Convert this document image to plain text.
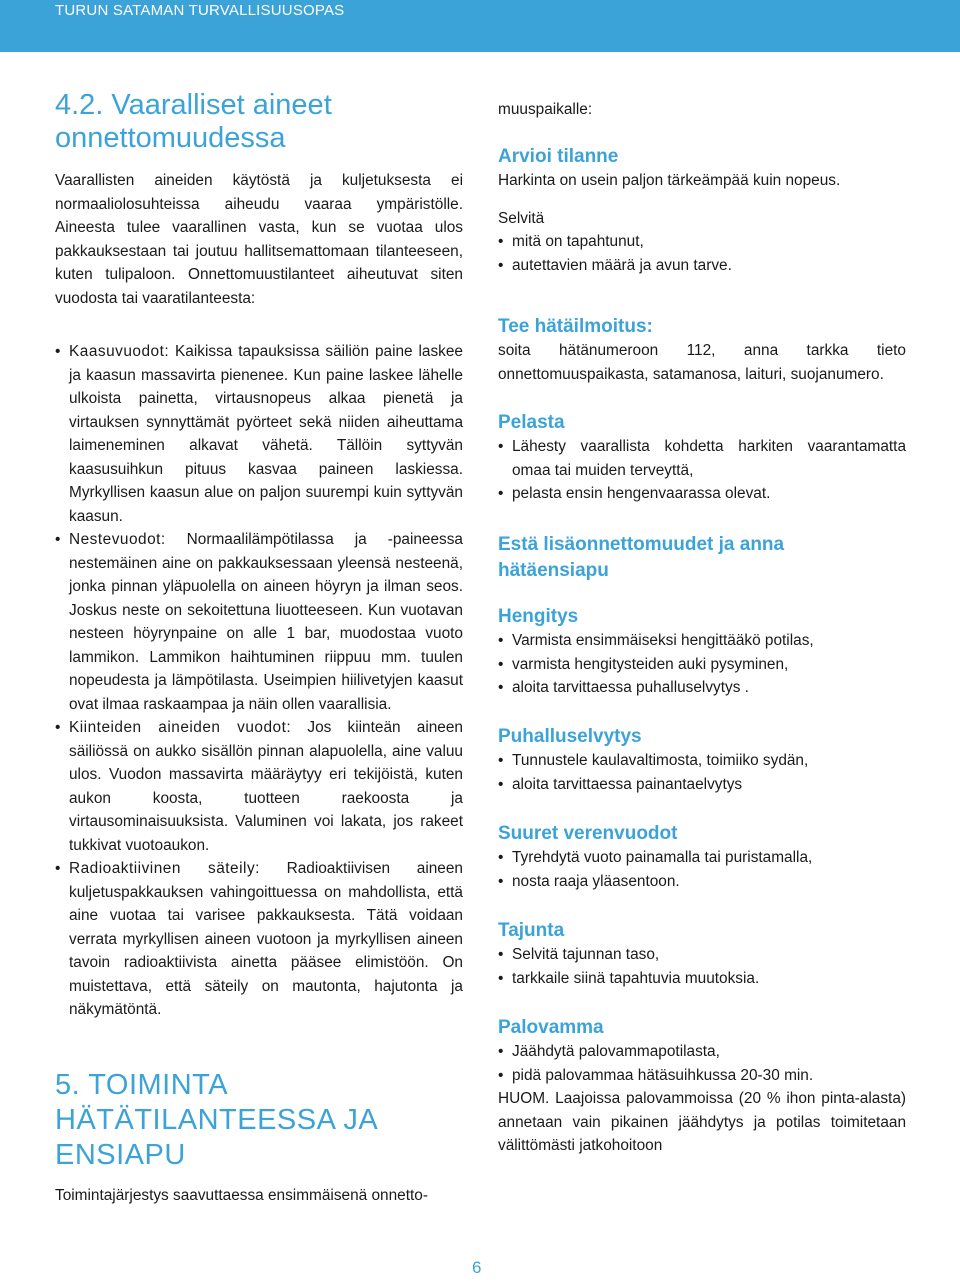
TURUN SATAMAN TURVALLISUUSOPAS
4.2. Vaaralliset aineet
onnettomuudessa

Vaarallisten aineiden käytöstä ja kuljetuksesta ei normaaliolosuhteissa aiheudu vaaraa ympäristölle. Aineesta tulee vaarallinen vasta, kun se vuotaa ulos pakkauksestaan tai joutuu hallitsemattomaan tilanteeseen, kuten tulipaloon. Onnettomuustilanteet aiheutuvat siten vuodosta tai vaaratilanteesta:

• Kaasuvuodot: Kaikissa tapauksissa säiliön paine laskee ja kaasun massavirta pienenee. Kun paine laskee lähelle ulkoista painetta, virtausnopeus alkaa pienetä ja virtauksen synnyttämät pyörteet sekä niiden aiheuttama laimeneminen alkavat vähetä. Tällöin syttyvän kaasusuihkun pituus kasvaa paineen laskiessa. Myrkyllisen kaasun alue on paljon suurempi kuin syttyvän kaasun.

• Nestevuodot: Normaalilämpötilassa ja -paineessa nestemäinen aine on pakkauksessaan yleensä nesteenä, jonka pinnan yläpuolella on aineen höyryn ja ilman seos. Joskus neste on sekoitettuna liuotteeseen. Kun vuotavan nesteen höyrynpaine on alle 1 bar, muodostaa vuoto lammikon. Lammikon haihtuminen riippuu mm. tuulen nopeudesta ja lämpötilasta. Useimpien hiilivetyjen kaasut ovat ilmaa raskaampaa ja näin ollen vaarallisia.

• Kiinteiden aineiden vuodot: Jos kiinteän aineen säiliössä on aukko sisällön pinnan alapuolella, aine valuu ulos. Vuodon massavirta määräytyy eri tekijöistä, kuten aukon koosta, tuotteen raekoosta ja virtausominaisuuksista. Valuminen voi lakata, jos rakeet tukkivat vuotoaukon.

• Radioaktiivinen säteily: Radioaktiivisen aineen kuljetuspakkauksen vahingoittuessa on mahdollista, että aine vuotaa tai varisee pakkauksesta. Tätä voidaan verrata myrkyllisen aineen vuotoon ja myrkyllisen aineen tavoin radioaktiivista ainetta pääsee elimistöön. On muistettava, että säteily on mautonta, hajutonta ja näkymätöntä.

5. TOIMINTA
HÄTÄTILANTEESSA JA
ENSIAPU

Toimintajärjestys saavuttaessa ensimmäisenä onnetto-

muuspaikalle:

Arvioi tilanne

Harkinta on usein paljon tärkeämpää kuin nopeus.

Selvitä

• mitä on tapahtunut,

• autettavien määrä ja avun tarve.

Tee hätäilmoitus:

soita hätänumeroon 112, anna tarkka tieto onnettomuuspaikasta, satamanosa, laituri, suojanumero.

Pelasta

• Lähesty vaarallista kohdetta harkiten vaarantamatta omaa tai muiden terveyttä,

• pelasta ensin hengenvaarassa olevat.

Estä lisäonnettomuudet ja anna
hätäensiapu
Hengitys

• Varmista ensimmäiseksi hengittääkö potilas,

• varmista hengitysteiden auki pysyminen,

• aloita tarvittaessa puhalluselvytys .

Puhalluselvytys

• Tunnustele kaulavaltimosta, toimiiko sydän,

• aloita tarvittaessa painantaelvytys

Suuret verenvuodot

• Tyrehdytä vuoto painamalla tai puristamalla,

• nosta raaja yläasentoon.

Tajunta

• Selvitä tajunnan taso,

• tarkkaile siinä tapahtuvia muutoksia.

Palovamma

• Jäähdytä palovammapotilasta,

• pidä palovammaa hätäsuihkussa 20-30 min.

HUOM. Laajoissa palovammoissa (20 % ihon pinta-alasta) annetaan vain pikainen jäähdytys ja potilas toimitetaan välittömästi jatkohoitoon

6
